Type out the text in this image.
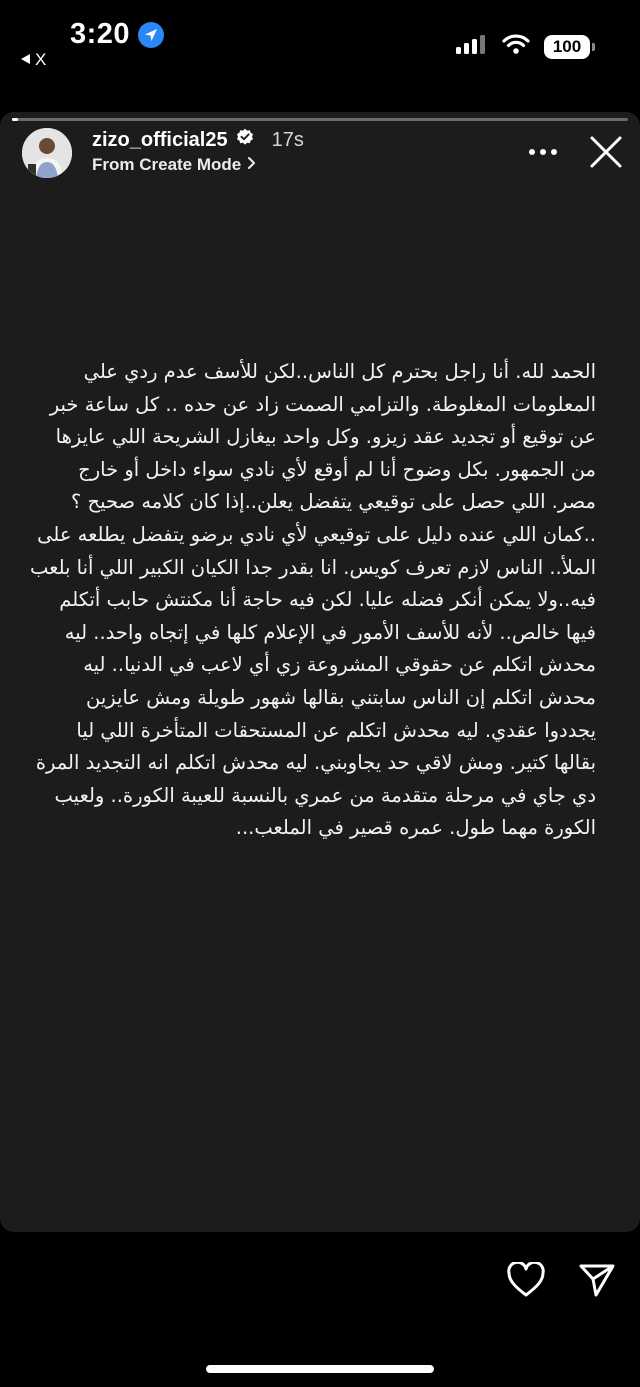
3:20
X
100
zizo_official25 17s
From Create Mode
الحمد لله. أنا راجل بحترم كل الناس..لكن للأسف عدم ردي علي المعلومات المغلوطة. والتزامي الصمت زاد عن حده .. كل ساعة خبر عن توقيع أو تجديد عقد زيزو. وكل واحد بيغازل الشريحة اللي عايزها من الجمهور. بكل وضوح أنا لم أوقع لأي نادي سواء داخل أو خارج مصر. اللي حصل على توقيعي يتفضل يعلن..إذا كان كلامه صحيح ؟ ..كمان اللي عنده دليل على توقيعي لأي نادي برضو يتفضل يطلعه على الملأ.. الناس لازم تعرف كويس. انا بقدر جدا الكيان الكبير اللي أنا بلعب فيه..ولا يمكن أنكر فضله عليا. لكن فيه حاجة أنا مكنتش حابب أتكلم فيها خالص.. لأنه للأسف الأمور في الإعلام كلها في إتجاه واحد.. ليه محدش اتكلم عن حقوقي المشروعة زي أي لاعب في الدنيا.. ليه محدش اتكلم إن الناس سابتني بقالها شهور طويلة ومش عايزين يجددوا عقدي. ليه محدش اتكلم عن المستحقات المتأخرة اللي ليا بقالها كتير. ومش لاقي حد يجاوبني. ليه محدش اتكلم انه التجديد المرة دي جاي في مرحلة متقدمة من عمري بالنسبة للعيبة الكورة.. ولعيب الكورة مهما طول. عمره قصير في الملعب...
